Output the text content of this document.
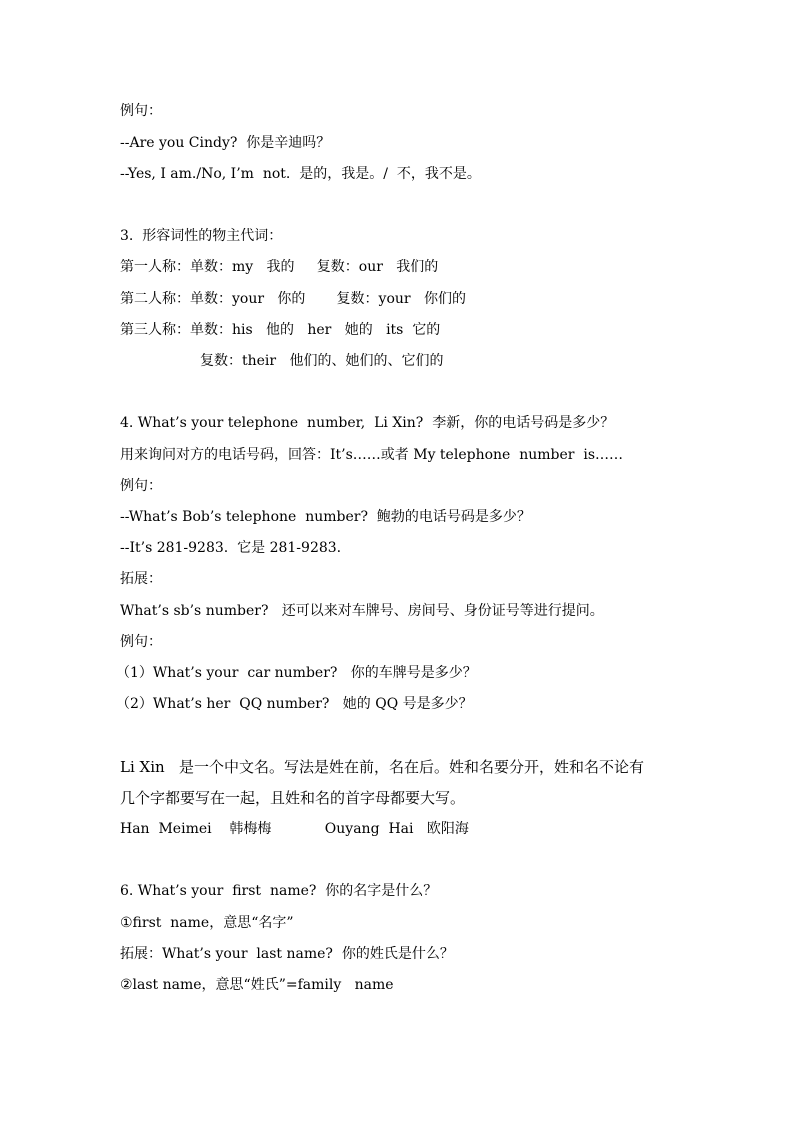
例句：
--Are you Cindy?  你是辛迪吗？
--Yes, I am./No, I’m  not.  是的，我是。/  不，我不是。
3.  形容词性的物主代词：
第一人称：单数：my   我的     复数：our   我们的
第二人称：单数：your   你的       复数：your   你们的
第三人称：单数：his   他的   her   她的   its  它的
复数：their   他们的、她们的、它们的
4. What’s your telephone  number,  Li Xin?  李新，你的电话号码是多少？
用来询问对方的电话号码，回答：It’s……或者 My telephone  number  is……
例句：
--What’s Bob’s telephone  number?  鲍勃的电话号码是多少？
--It’s 281-9283.  它是 281-9283.
拓展：
What’s sb’s number?   还可以来对车牌号、房间号、身份证号等进行提问。
例句：
（1）What’s your  car number?   你的车牌号是多少？
（2）What’s her  QQ number?   她的 QQ 号是多少？
Li Xin   是一个中文名。写法是姓在前，名在后。姓和名要分开，姓和名不论有
几个字都要写在一起，且姓和名的首字母都要大写。
Han  Meimei    韩梅梅            Ouyang  Hai   欧阳海
6. What’s your  first  name?  你的名字是什么？
①first  name，意思“名字”
拓展：What’s your  last name?  你的姓氏是什么？
②last name，意思“姓氏”=family   name
